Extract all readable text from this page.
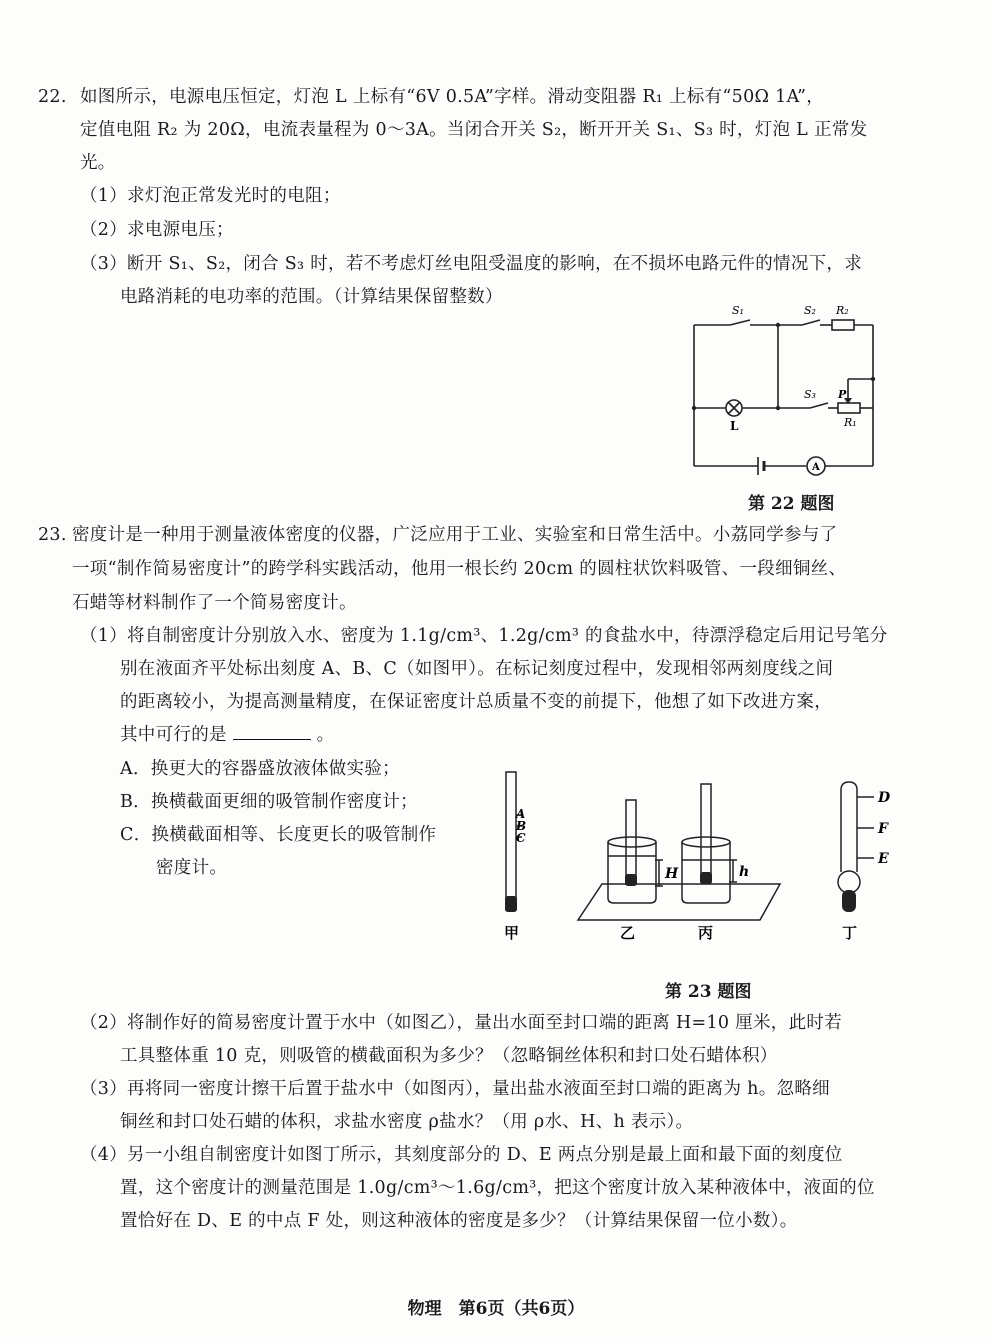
22. 如图所示，电源电压恒定，灯泡 L 上标有“6V 0.5A”字样。滑动变阻器 R₁ 上标有“50Ω 1A”，
定值电阻 R₂ 为 20Ω，电流表量程为 0～3A。当闭合开关 S₂，断开开关 S₁、S₃ 时，灯泡 L 正常发
光。
（1）求灯泡正常发光时的电阻；
（2）求电源电压；
（3）断开 S₁、S₂，闭合 S₃ 时，若不考虑灯丝电阻受温度的影响，在不损坏电路元件的情况下，求
电路消耗的电功率的范围。（计算结果保留整数）
S₁	S₂ R₂
S₃ P
R₁
L
A
第 22 题图
23. 密度计是一种用于测量液体密度的仪器，广泛应用于工业、实验室和日常生活中。小荔同学参与了
一项“制作简易密度计”的跨学科实践活动，他用一根长约 20cm 的圆柱状饮料吸管、一段细铜丝、
石蜡等材料制作了一个简易密度计。
（1）将自制密度计分别放入水、密度为 1.1g/cm³、1.2g/cm³ 的食盐水中，待漂浮稳定后用记号笔分
别在液面齐平处标出刻度 A、B、C（如图甲）。在标记刻度过程中，发现相邻两刻度线之间
的距离较小，为提高测量精度，在保证密度计总质量不变的前提下，他想了如下改进方案，
其中可行的是	。
A．换更大的容器盛放液体做实验；
B．换横截面更细的吸管制作密度计；
C．换横截面相等、长度更长的吸管制作
密度计。
A
B
C
甲
H	h
乙	丙
D
F
E
丁
第 23 题图
（2）将制作好的简易密度计置于水中（如图乙），量出水面至封口端的距离 H=10 厘米，此时若
工具整体重 10 克，则吸管的横截面积为多少？（忽略铜丝体积和封口处石蜡体积）
（3）再将同一密度计擦干后置于盐水中（如图丙），量出盐水液面至封口端的距离为 h。忽略细
铜丝和封口处石蜡的体积，求盐水密度 ρ盐水？（用 ρ水、H、h 表示）。
（4）另一小组自制密度计如图丁所示，其刻度部分的 D、E 两点分别是最上面和最下面的刻度位
置，这个密度计的测量范围是 1.0g/cm³～1.6g/cm³，把这个密度计放入某种液体中，液面的位
置恰好在 D、E 的中点 F 处，则这种液体的密度是多少？（计算结果保留一位小数）。
物理　第6页（共6页）
